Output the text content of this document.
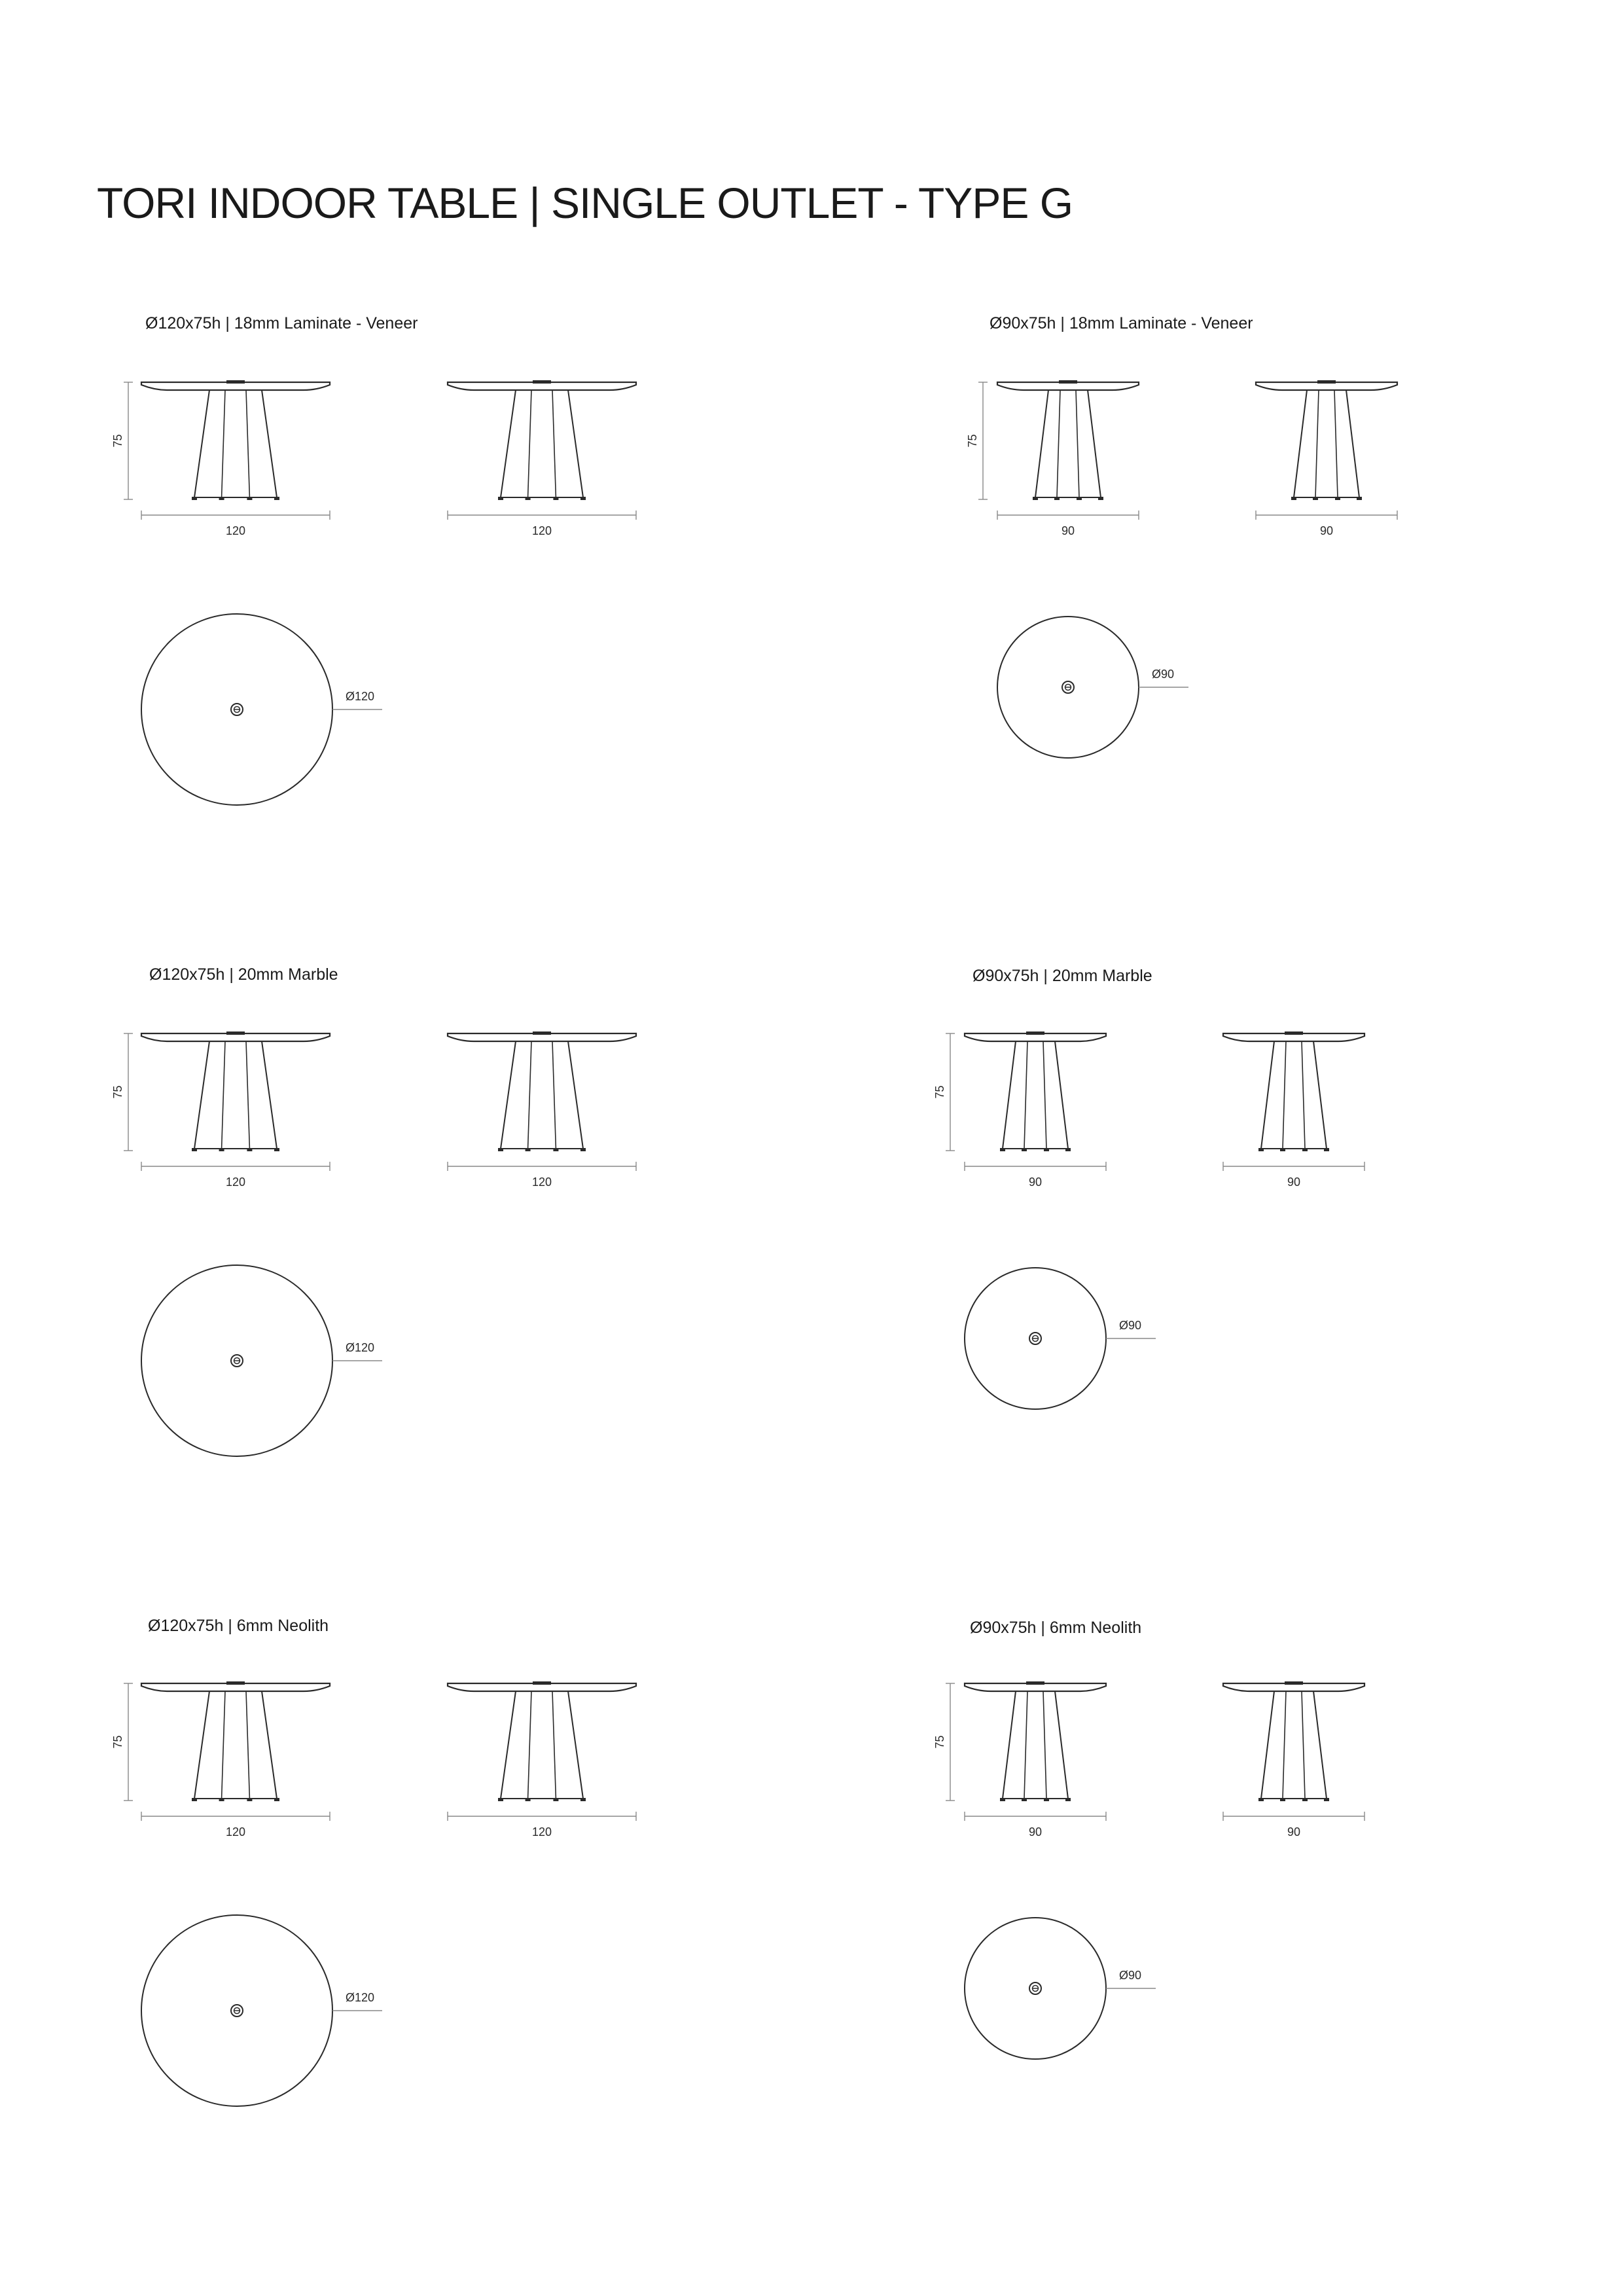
TORI INDOOR TABLE | SINGLE OUTLET - TYPE G
Ø120x75h | 18mm Laminate - Veneer	Ø90x75h | 18mm Laminate - Veneer
Ø120x75h | 20mm Marble	Ø90x75h | 20mm Marble
Ø120x75h | 6mm Neolith	Ø90x75h | 6mm Neolith
120	120
75
Ø120
90	90
75
Ø90
120	120
75
Ø120
90	90
75
Ø90
120	120
75
Ø120
90	90
75
Ø90
